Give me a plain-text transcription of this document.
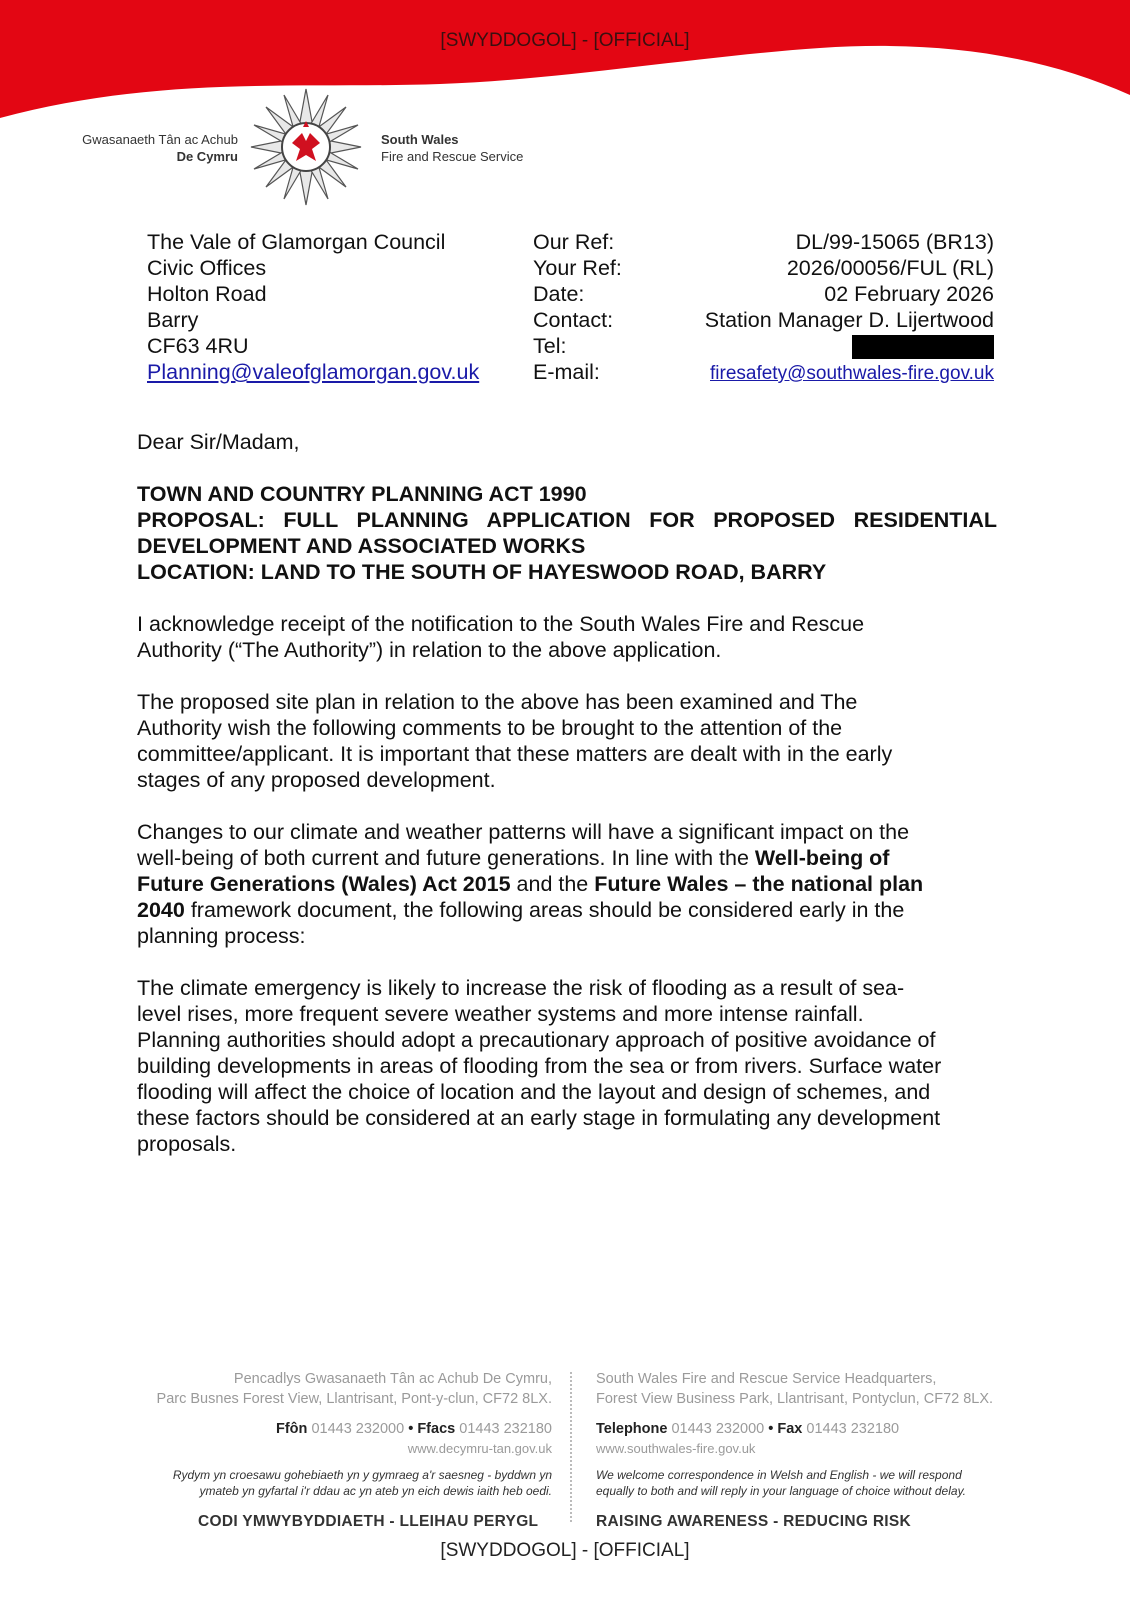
[SWYDDOGOL] - [OFFICIAL]
Gwasanaeth Tân ac Achub
De Cymru
South Wales
Fire and Rescue Service
The Vale of Glamorgan Council
Civic Offices
Holton Road
Barry
CF63 4RU
Planning@valeofglamorgan.gov.uk
Our Ref:
Your Ref:
Date:
Contact:
Tel:
E-mail:
DL/99-15065 (BR13)
2026/00056/FUL (RL)
02 February 2026
Station Manager D. Lijertwood
firesafety@southwales-fire.gov.uk

Dear Sir/Madam,

TOWN AND COUNTRY PLANNING ACT 1990

PROPOSAL: FULL PLANNING APPLICATION FOR PROPOSED RESIDENTIAL

DEVELOPMENT AND ASSOCIATED WORKS

LOCATION: LAND TO THE SOUTH OF HAYESWOOD ROAD, BARRY

I acknowledge receipt of the notification to the South Wales Fire and Rescue

Authority (“The Authority”) in relation to the above application.

The proposed site plan in relation to the above has been examined and The

Authority wish the following comments to be brought to the attention of the

committee/applicant. It is important that these matters are dealt with in the early

stages of any proposed development.

Changes to our climate and weather patterns will have a significant impact on the

well-being of both current and future generations. In line with the Well-being of

Future Generations (Wales) Act 2015 and the Future Wales – the national plan

2040 framework document, the following areas should be considered early in the

planning process:

The climate emergency is likely to increase the risk of flooding as a result of sea-

level rises, more frequent severe weather systems and more intense rainfall.

Planning authorities should adopt a precautionary approach of positive avoidance of

building developments in areas of flooding from the sea or from rivers. Surface water

flooding will affect the choice of location and the layout and design of schemes, and

these factors should be considered at an early stage in formulating any development

proposals.

Pencadlys Gwasanaeth Tân ac Achub De Cymru,
Parc Busnes Forest View, Llantrisant, Pont-y-clun, CF72 8LX.
Ffôn 01443 232000 • Ffacs 01443 232180
www.decymru-tan.gov.uk
Rydym yn croesawu gohebiaeth yn y gymraeg a'r saesneg - byddwn yn
ymateb yn gyfartal i'r ddau ac yn ateb yn eich dewis iaith heb oedi.
South Wales Fire and Rescue Service Headquarters,
Forest View Business Park, Llantrisant, Pontyclun, CF72 8LX.
Telephone 01443 232000 • Fax 01443 232180
www.southwales-fire.gov.uk
We welcome correspondence in Welsh and English - we will respond
equally to both and will reply in your language of choice without delay.
CODI YMWYBYDDIAETH - LLEIHAU PERYGL	RAISING AWARENESS - REDUCING RISK
[SWYDDOGOL] - [OFFICIAL]
